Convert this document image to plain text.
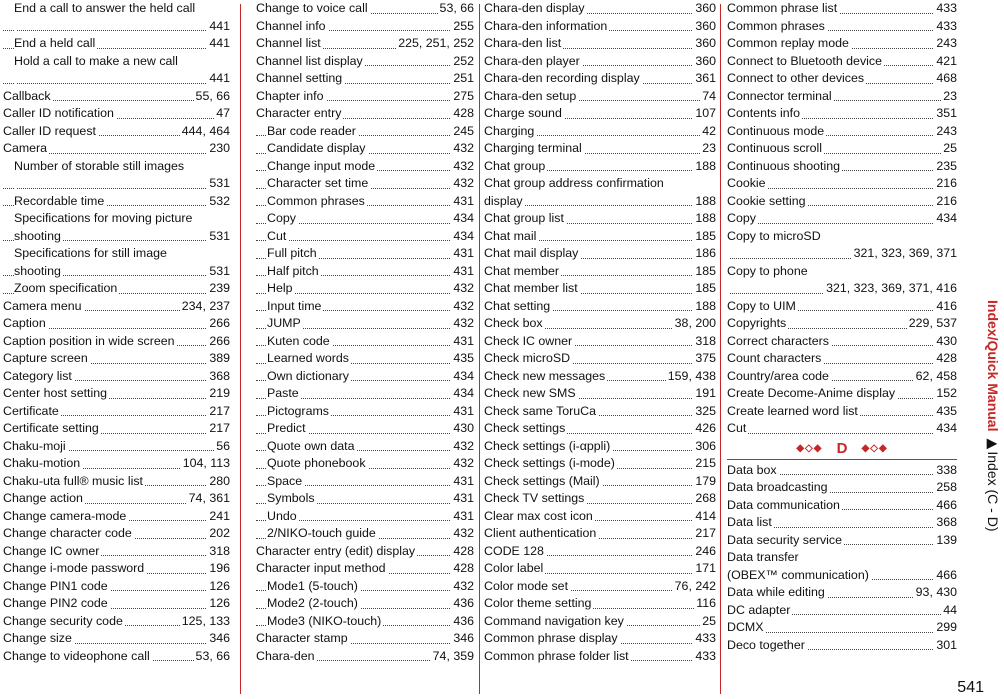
End a call to answer the held call
441
End a held call	441
Hold a call to make a new call
441
Callback	55, 66
Caller ID notification	47
Caller ID request	444, 464
Camera	230
Number of storable still images
531
Recordable time	532
Specifications for moving picture
shooting	531
Specifications for still image
shooting	531
Zoom specification	239
Camera menu	234, 237
Caption	266
Caption position in wide screen	266
Capture screen	389
Category list	368
Center host setting	219
Certificate	217
Certificate setting	217
Chaku-moji	56
Chaku-motion	104, 113
Chaku-uta full® music list	280
Change action	74, 361
Change camera-mode	241
Change character code	202
Change IC owner	318
Change i-mode password	196
Change PIN1 code	126
Change PIN2 code	126
Change security code	125, 133
Change size	346
Change to videophone call	53, 66
Change to voice call	53, 66
Channel info	255
Channel list	225, 251, 252
Channel list display	252
Channel setting	251
Chapter info	275
Character entry	428
Bar code reader	245
Candidate display	432
Change input mode	432
Character set time	432
Common phrases	431
Copy	434
Cut	434
Full pitch	431
Half pitch	431
Help	432
Input time	432
JUMP	432
Kuten code	431
Learned words	435
Own dictionary	434
Paste	434
Pictograms	431
Predict	430
Quote own data	432
Quote phonebook	432
Space	431
Symbols	431
Undo	431
2/NIKO-touch guide	432
Character entry (edit) display	428
Character input method	428
Mode1 (5-touch)	432
Mode2 (2-touch)	436
Mode3 (NIKO-touch)	436
Character stamp	346
Chara-den	74, 359
Chara-den display	360
Chara-den information	360
Chara-den list	360
Chara-den player	360
Chara-den recording display	361
Chara-den setup	74
Charge sound	107
Charging	42
Charging terminal	23
Chat group	188
Chat group address confirmation
display	188
Chat group list	188
Chat mail	185
Chat mail display	186
Chat member	185
Chat member list	185
Chat setting	188
Check box	38, 200
Check IC owner	318
Check microSD	375
Check new messages	159, 438
Check new SMS	191
Check same ToruCa	325
Check settings	426
Check settings (i-αppli)	306
Check settings (i-mode)	215
Check settings (Mail)	179
Check TV settings	268
Clear max cost icon	414
Client authentication	217
CODE 128	246
Color label	171
Color mode set	76, 242
Color theme setting	116
Command navigation key	25
Common phrase display	433
Common phrase folder list	433
Common phrase list	433
Common phrases	433
Common replay mode	243
Connect to Bluetooth device	421
Connect to other devices	468
Connector terminal	23
Contents info	351
Continuous mode	243
Continuous scroll	25
Continuous shooting	235
Cookie	216
Cookie setting	216
Copy	434
Copy to microSD
321, 323, 369, 371
Copy to phone
321, 323, 369, 371, 416
Copy to UIM	416
Copyrights	229, 537
Correct characters	430
Count characters	428
Country/area code	62, 458
Create Decome-Anime display	152
Create learned word list	435
Cut	434
◆◇◆ D ◆◇◆
Data box	338
Data broadcasting	258
Data communication	466
Data list	368
Data security service	139
Data transfer
(OBEX™ communication)	466
Data while editing	93, 430
DC adapter	44
DCMX	299
Deco together	301
Index/Quick Manual ▶Index (C - D)
541
